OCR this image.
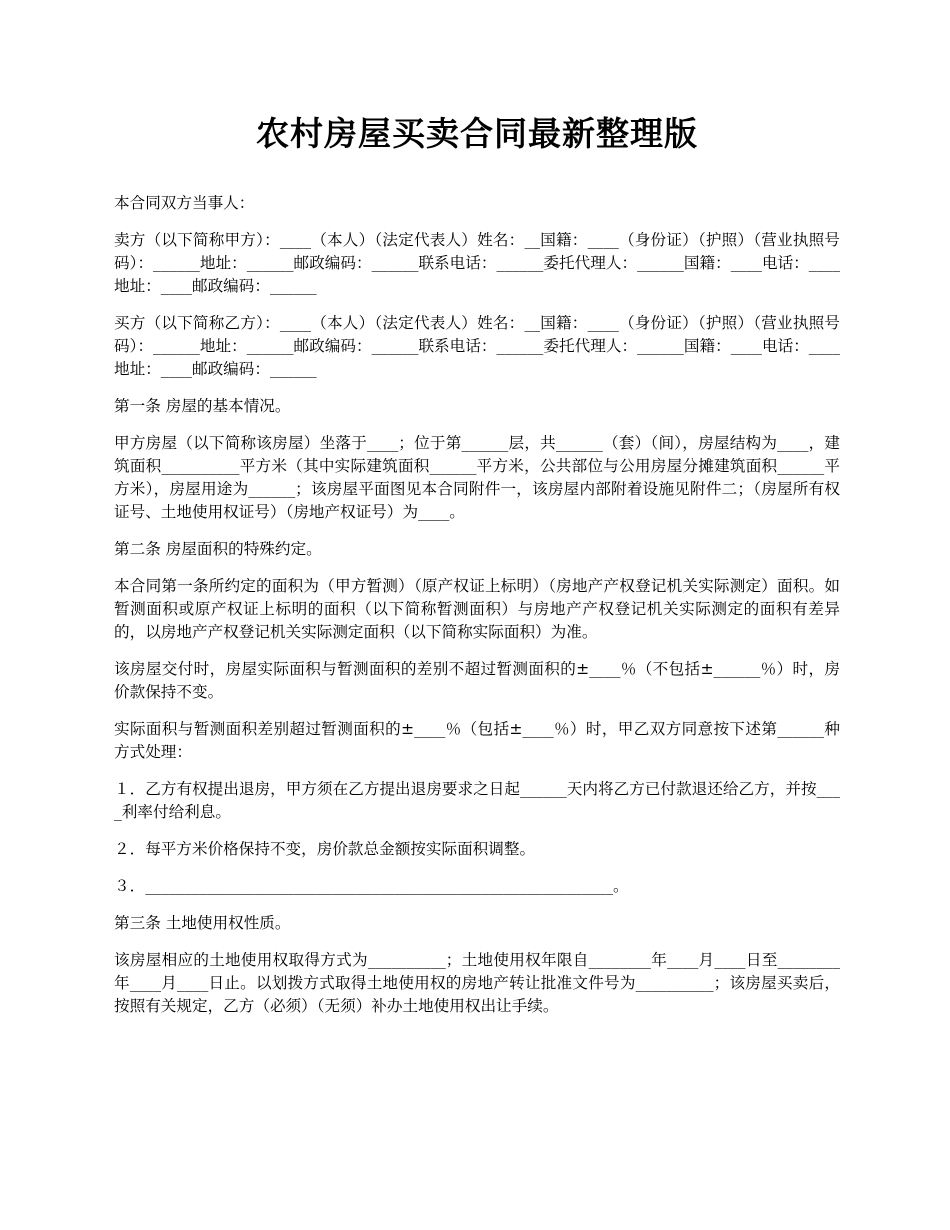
农村房屋买卖合同最新整理版

本合同双方当事人：

卖方（以下简称甲方）：____（本人）（法定代表人）姓名：__国籍：____（身份证）（护照）（营业执照号码）：______地址：______邮政编码：______联系电话：______委托代理人：______国籍：____电话：____地址：____邮政编码：______

买方（以下简称乙方）：____（本人）（法定代表人）姓名：__国籍：____（身份证）（护照）（营业执照号码）：______地址：______邮政编码：______联系电话：______委托代理人：______国籍：____电话：____地址：____邮政编码：______

第一条 房屋的基本情况。

甲方房屋（以下简称该房屋）坐落于____；位于第______层，共______（套）（间），房屋结构为____，建筑面积__________平方米（其中实际建筑面积______平方米，公共部位与公用房屋分摊建筑面积______平方米），房屋用途为______；该房屋平面图见本合同附件一，该房屋内部附着设施见附件二；（房屋所有权证号、土地使用权证号）（房地产权证号）为____。

第二条 房屋面积的特殊约定。

本合同第一条所约定的面积为（甲方暂测）（原产权证上标明）（房地产产权登记机关实际测定）面积。如暂测面积或原产权证上标明的面积（以下简称暂测面积）与房地产产权登记机关实际测定的面积有差异的，以房地产产权登记机关实际测定面积（以下简称实际面积）为准。

该房屋交付时，房屋实际面积与暂测面积的差别不超过暂测面积的±____％（不包括±______％）时，房价款保持不变。

实际面积与暂测面积差别超过暂测面积的±____％（包括±____％）时，甲乙双方同意按下述第______种方式处理：

１．乙方有权提出退房，甲方须在乙方提出退房要求之日起______天内将乙方已付款退还给乙方，并按____利率付给利息。

２．每平方米价格保持不变，房价款总金额按实际面积调整。

３．____________________________________________________________。

第三条 土地使用权性质。

该房屋相应的土地使用权取得方式为__________；土地使用权年限自________年____月____日至________年____月____日止。以划拨方式取得土地使用权的房地产转让批准文件号为__________；该房屋买卖后，按照有关规定，乙方（必须）（无须）补办土地使用权出让手续。
